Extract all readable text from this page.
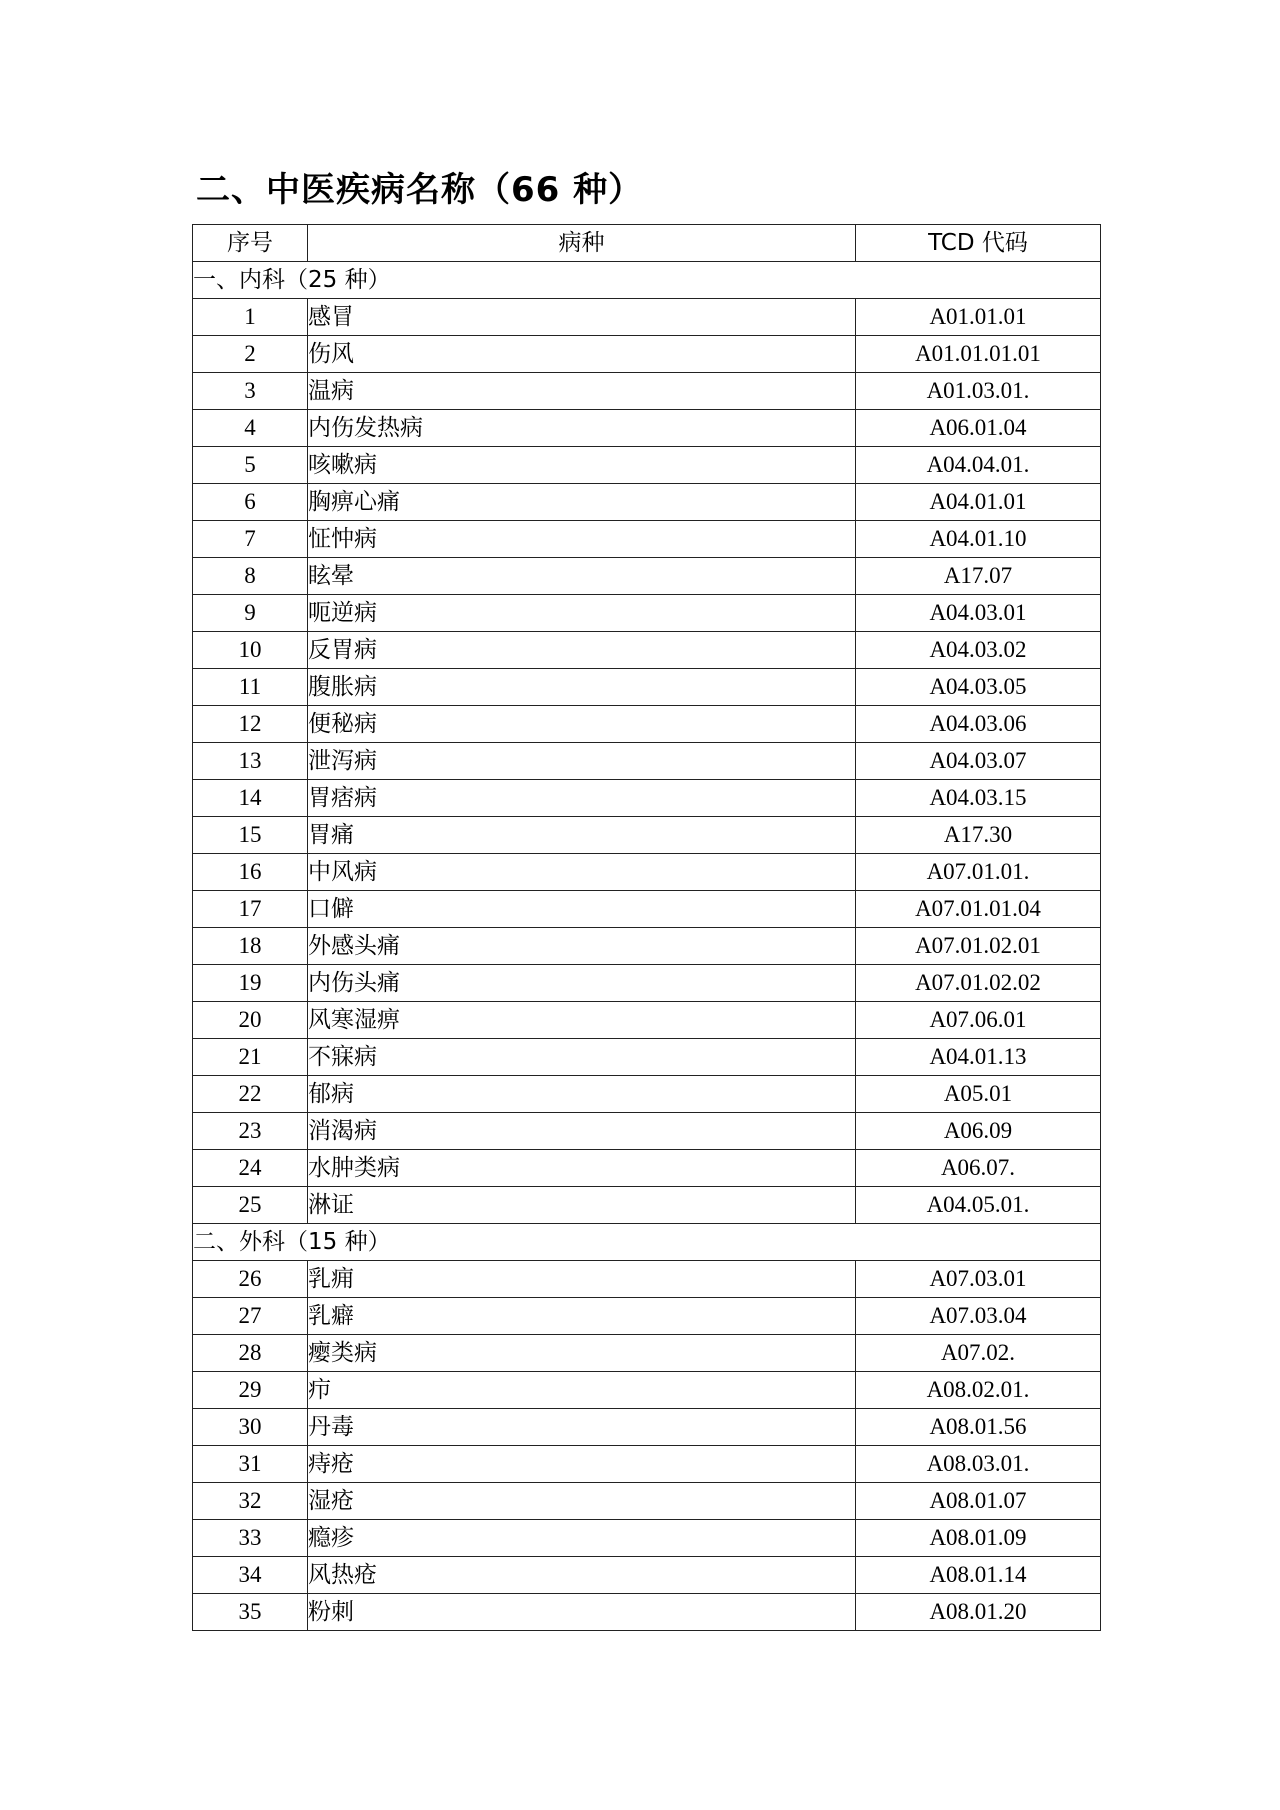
二、中医疾病名称（66 种）
序号	病种	TCD 代码
一、内科（25 种）		
1	感冒	A01.01.01
2	伤风	A01.01.01.01
3	温病	A01.03.01.
4	内伤发热病	A06.01.04
5	咳嗽病	A04.04.01.
6	胸痹心痛	A04.01.01
7	怔忡病	A04.01.10
8	眩晕	A17.07
9	呃逆病	A04.03.01
10	反胃病	A04.03.02
11	腹胀病	A04.03.05
12	便秘病	A04.03.06
13	泄泻病	A04.03.07
14	胃痞病	A04.03.15
15	胃痛	A17.30
16	中风病	A07.01.01.
17	口僻	A07.01.01.04
18	外感头痛	A07.01.02.01
19	内伤头痛	A07.01.02.02
20	风寒湿痹	A07.06.01
21	不寐病	A04.01.13
22	郁病	A05.01
23	消渴病	A06.09
24	水肿类病	A06.07.
25	淋证	A04.05.01.
二、外科（15 种）		
26	乳痈	A07.03.01
27	乳癖	A07.03.04
28	瘿类病	A07.02.
29	疖	A08.02.01.
30	丹毒	A08.01.56
31	痔疮	A08.03.01.
32	湿疮	A08.01.07
33	瘾疹	A08.01.09
34	风热疮	A08.01.14
35	粉刺	A08.01.20
